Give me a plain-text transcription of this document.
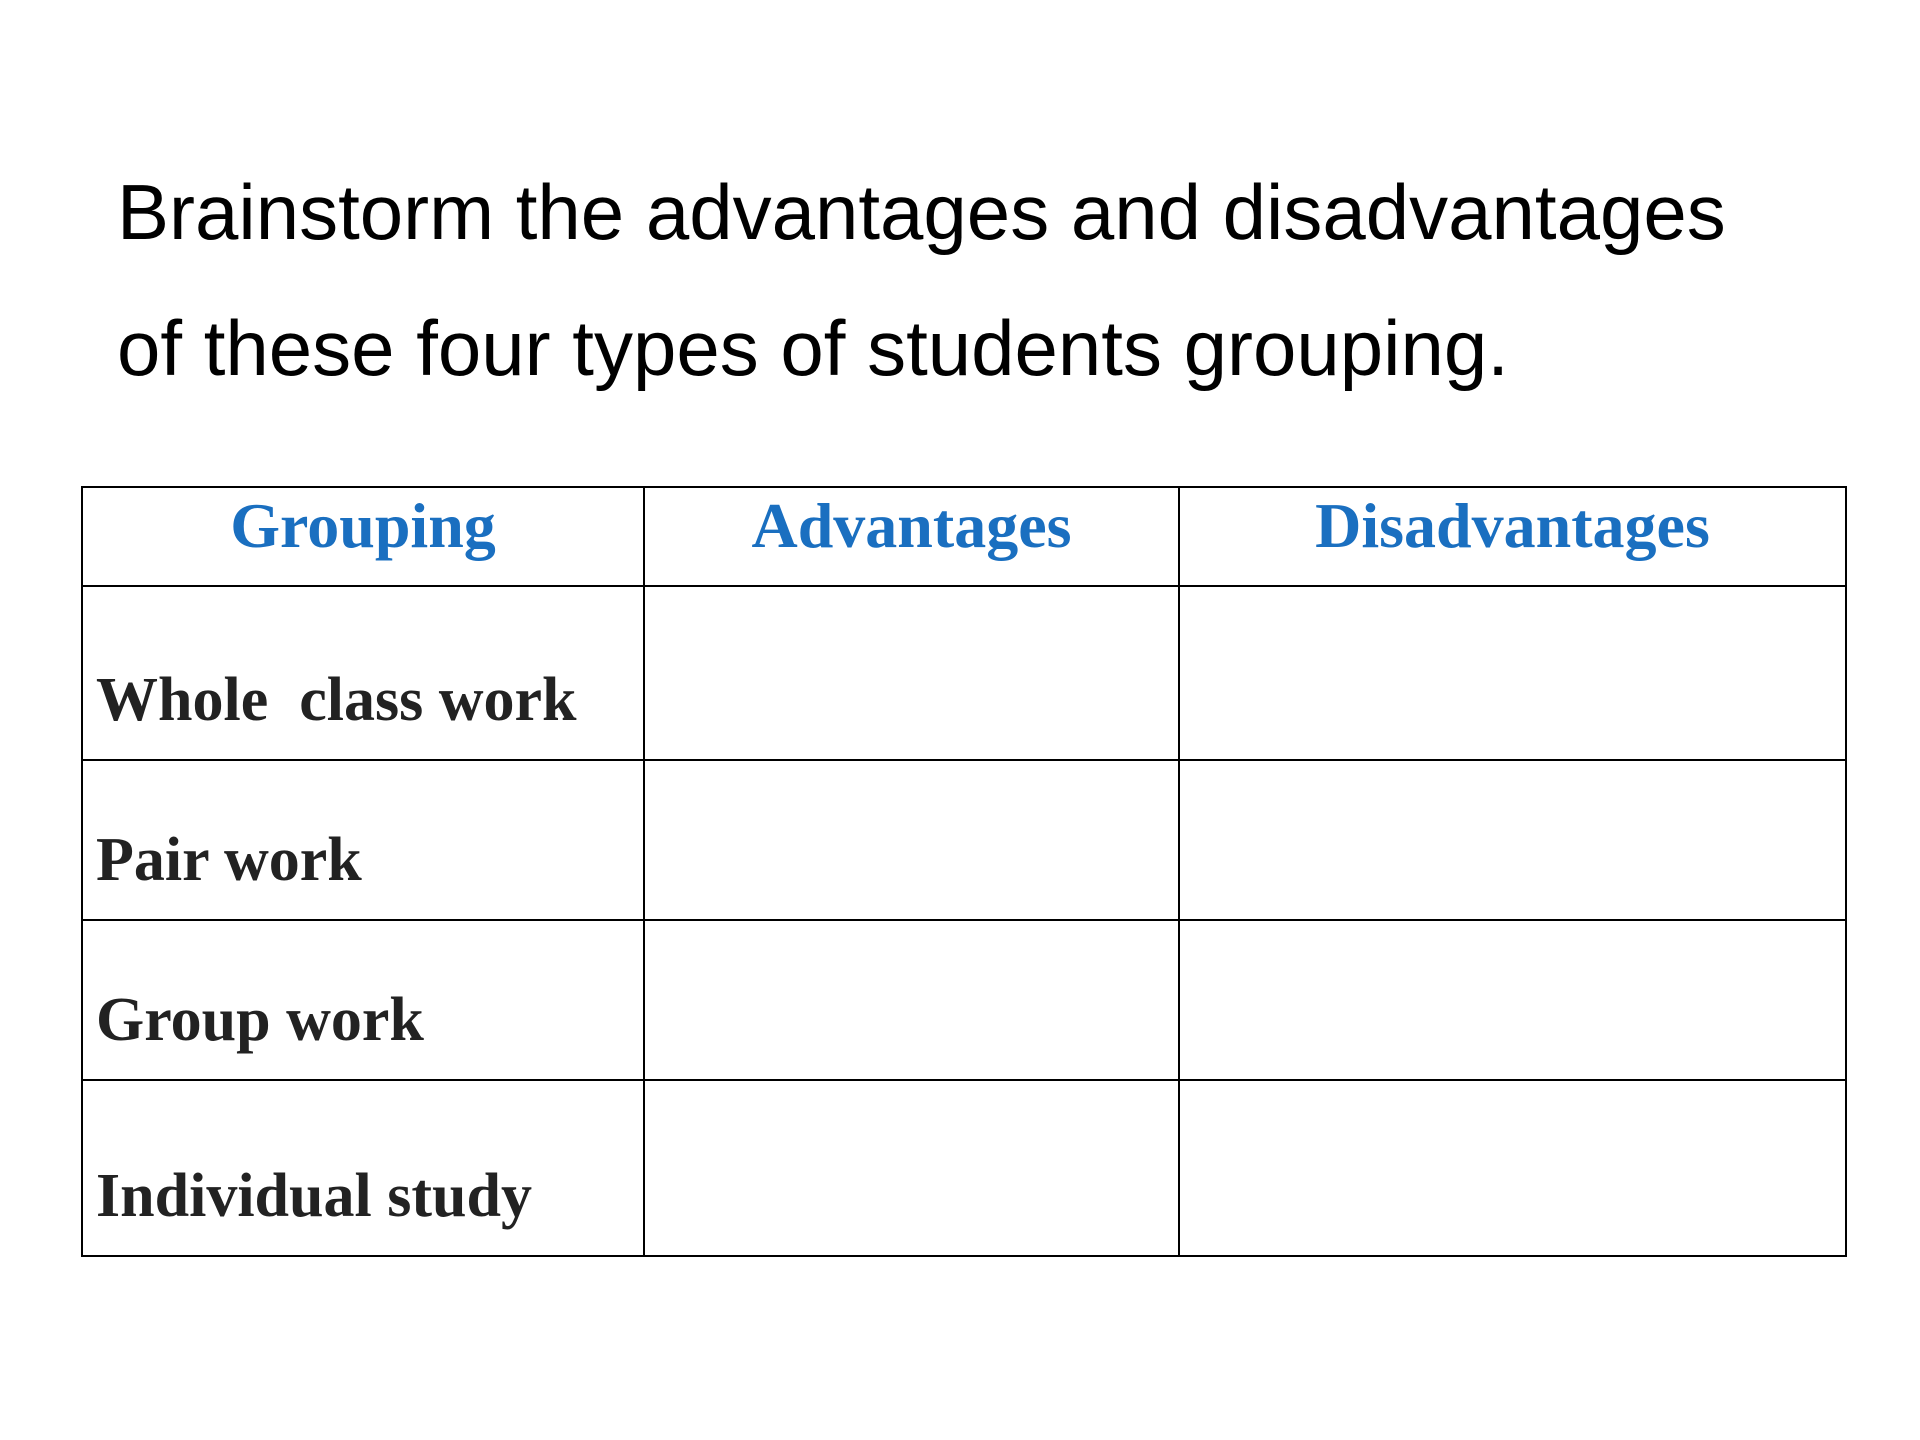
Brainstorm the advantages and disadvantages
of these four types of students grouping.

Grouping	Advantages	Disadvantages
Whole  class work		
Pair work		
Group work		
Individual study		
